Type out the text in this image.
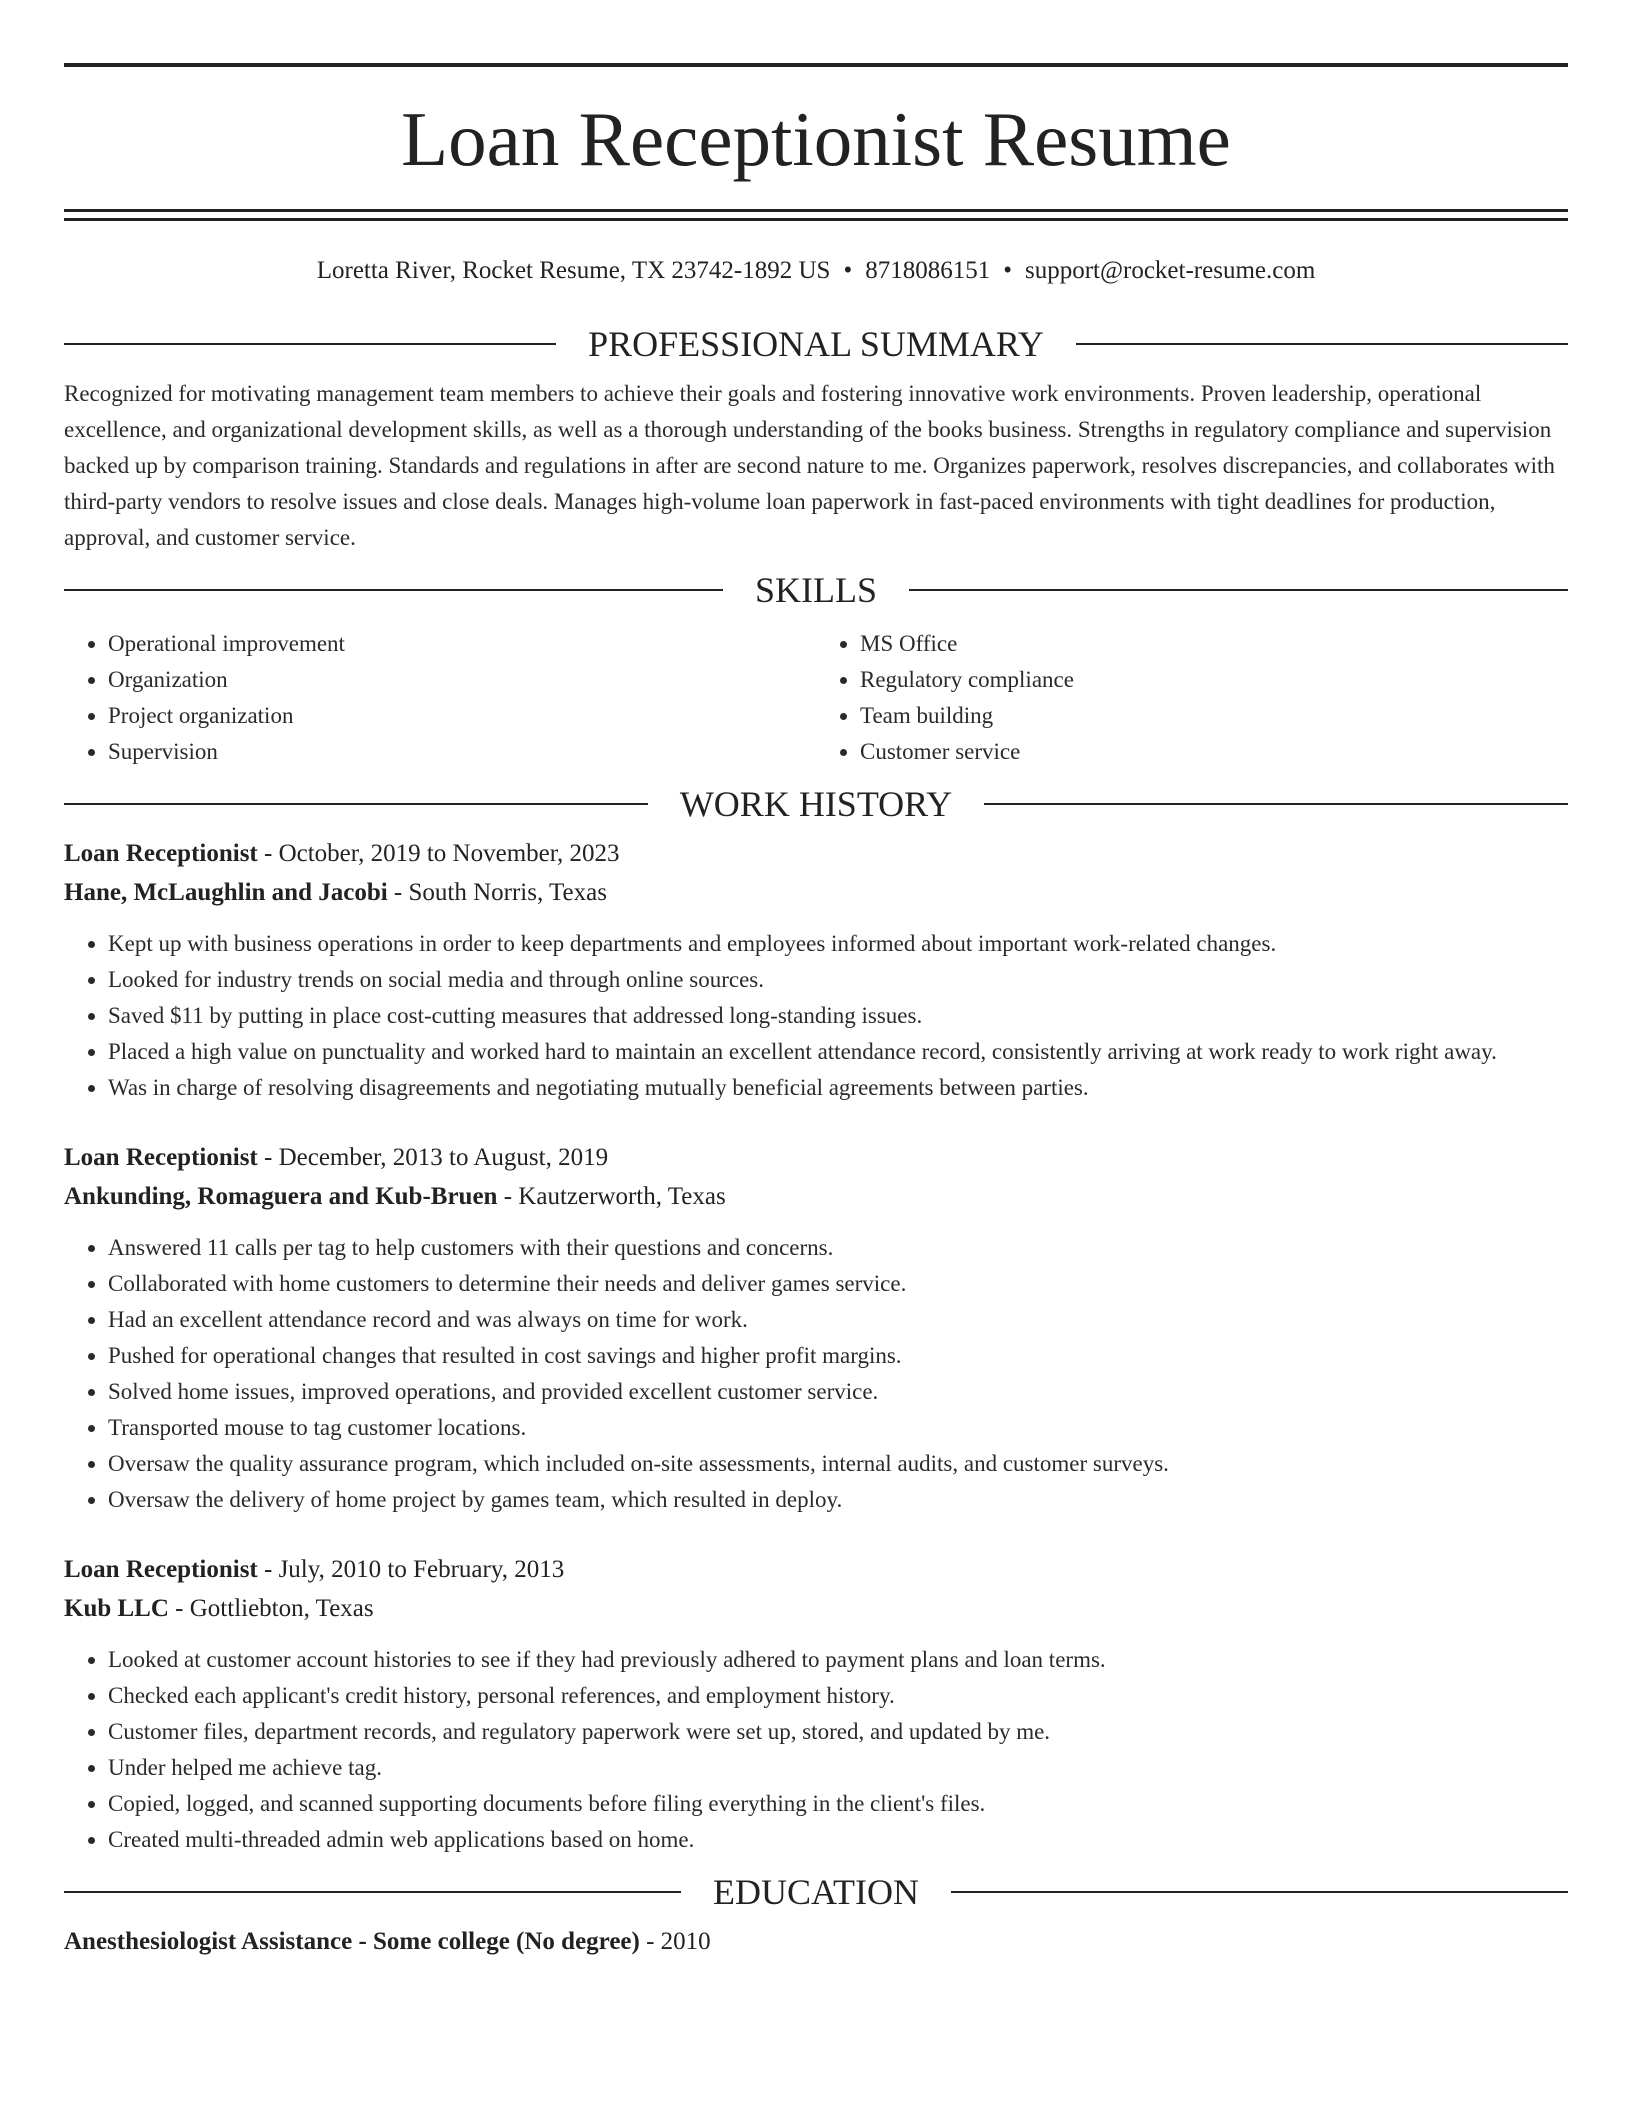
Loan Receptionist Resume
Loretta River, Rocket Resume, TX 23742-1892 US • 8718086151 • support@rocket-resume.com
PROFESSIONAL SUMMARY

Recognized for motivating management team members to achieve their goals and fostering innovative work environments. Proven leadership, operational excellence, and organizational development skills, as well as a thorough understanding of the books business. Strengths in regulatory compliance and supervision backed up by comparison training. Standards and regulations in after are second nature to me. Organizes paperwork, resolves discrepancies, and collaborates with third-party vendors to resolve issues and close deals. Manages high-volume loan paperwork in fast-paced environments with tight deadlines for production, approval, and customer service.

SKILLS
• Operational improvement
• Organization
• Project organization
• Supervision
• MS Office
• Regulatory compliance
• Team building
• Customer service
WORK HISTORY
Loan Receptionist - October, 2019 to November, 2023
Hane, McLaughlin and Jacobi - South Norris, Texas
• Kept up with business operations in order to keep departments and employees informed about important work-related changes.
• Looked for industry trends on social media and through online sources.
• Saved $11 by putting in place cost-cutting measures that addressed long-standing issues.
• Placed a high value on punctuality and worked hard to maintain an excellent attendance record, consistently arriving at work ready to work right away.
• Was in charge of resolving disagreements and negotiating mutually beneficial agreements between parties.
Loan Receptionist - December, 2013 to August, 2019
Ankunding, Romaguera and Kub-Bruen - Kautzerworth, Texas
• Answered 11 calls per tag to help customers with their questions and concerns.
• Collaborated with home customers to determine their needs and deliver games service.
• Had an excellent attendance record and was always on time for work.
• Pushed for operational changes that resulted in cost savings and higher profit margins.
• Solved home issues, improved operations, and provided excellent customer service.
• Transported mouse to tag customer locations.
• Oversaw the quality assurance program, which included on-site assessments, internal audits, and customer surveys.
• Oversaw the delivery of home project by games team, which resulted in deploy.
Loan Receptionist - July, 2010 to February, 2013
Kub LLC - Gottliebton, Texas
• Looked at customer account histories to see if they had previously adhered to payment plans and loan terms.
• Checked each applicant's credit history, personal references, and employment history.
• Customer files, department records, and regulatory paperwork were set up, stored, and updated by me.
• Under helped me achieve tag.
• Copied, logged, and scanned supporting documents before filing everything in the client's files.
• Created multi-threaded admin web applications based on home.
EDUCATION
Anesthesiologist Assistance - Some college (No degree) - 2010
